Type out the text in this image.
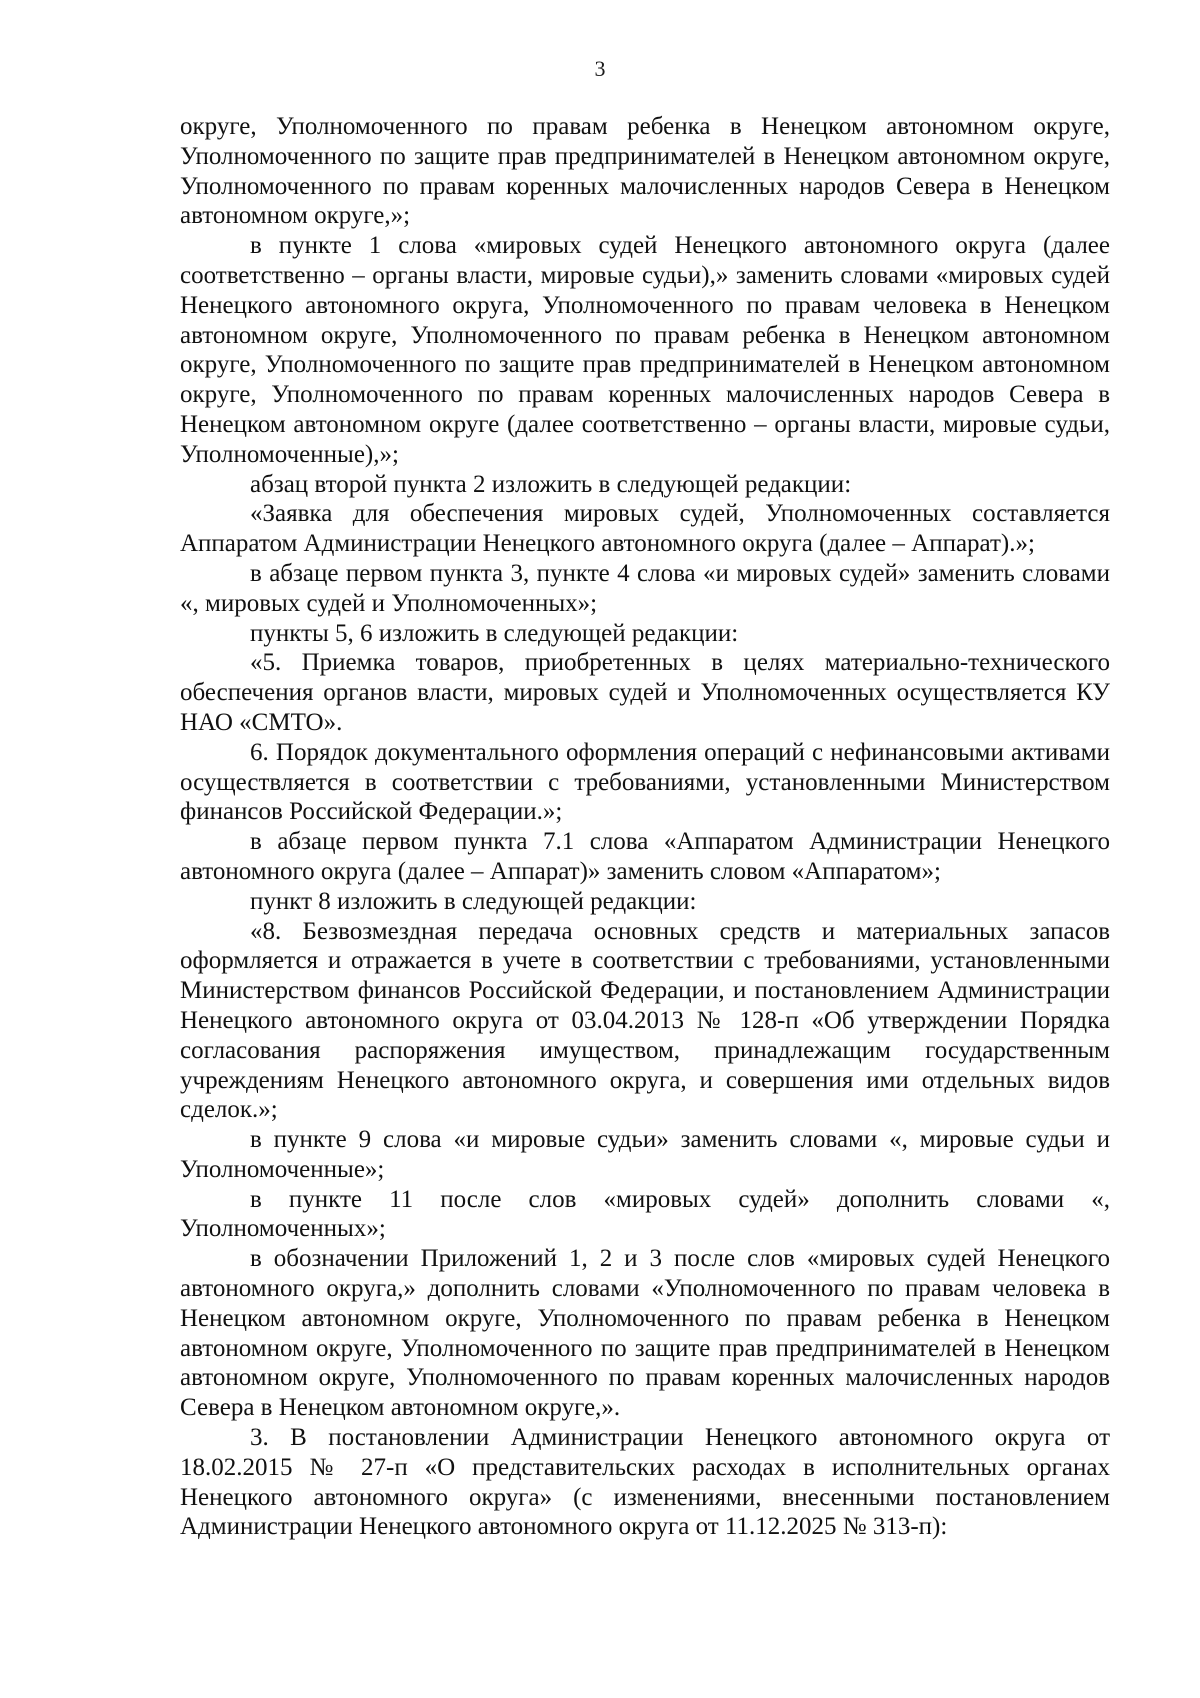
3

округе, Уполномоченного по правам ребенка в Ненецком автономном округе, Уполномоченного по защите прав предпринимателей в Ненецком автономном округе, Уполномоченного по правам коренных малочисленных народов Севера в Ненецком автономном округе,»;

в пункте 1 слова «мировых судей Ненецкого автономного округа (далее соответственно – органы власти, мировые судьи),» заменить словами «мировых судей Ненецкого автономного округа, Уполномоченного по правам человека в Ненецком автономном округе, Уполномоченного по правам ребенка в Ненецком автономном округе, Уполномоченного по защите прав предпринимателей в Ненецком автономном округе, Уполномоченного по правам коренных малочисленных народов Севера в Ненецком автономном округе (далее соответственно – органы власти, мировые судьи, Уполномоченные),»;

абзац второй пункта 2 изложить в следующей редакции:

«Заявка для обеспечения мировых судей, Уполномоченных составляется Аппаратом Администрации Ненецкого автономного округа (далее – Аппарат).»;

в абзаце первом пункта 3, пункте 4 слова «и мировых судей» заменить словами «, мировых судей и Уполномоченных»;

пункты 5, 6 изложить в следующей редакции:

«5. Приемка товаров, приобретенных в целях материально-технического обеспечения органов власти, мировых судей и Уполномоченных осуществляется КУ НАО «СМТО».

6. Порядок документального оформления операций с нефинансовыми активами осуществляется в соответствии с требованиями, установленными Министерством финансов Российской Федерации.»;

в абзаце первом пункта 7.1 слова «Аппаратом Администрации Ненецкого автономного округа (далее – Аппарат)» заменить словом «Аппаратом»;

пункт 8 изложить в следующей редакции:

«8. Безвозмездная передача основных средств и материальных запасов оформляется и отражается в учете в соответствии с требованиями, установленными Министерством финансов Российской Федерации, и постановлением Администрации Ненецкого автономного округа от 03.04.2013 № 128-п «Об утверждении Порядка согласования распоряжения имуществом, принадлежащим государственным учреждениям Ненецкого автономного округа, и совершения ими отдельных видов сделок.»;

в пункте 9 слова «и мировые судьи» заменить словами «, мировые судьи и Уполномоченные»;

в пункте 11 после слов «мировых судей» дополнить словами «, Уполномоченных»;

в обозначении Приложений 1, 2 и 3 после слов «мировых судей Ненецкого автономного округа,» дополнить словами «Уполномоченного по правам человека в Ненецком автономном округе, Уполномоченного по правам ребенка в Ненецком автономном округе, Уполномоченного по защите прав предпринимателей в Ненецком автономном округе, Уполномоченного по правам коренных малочисленных народов Севера в Ненецком автономном округе,».

3. В постановлении Администрации Ненецкого автономного округа от 18.02.2015 № 27-п «О представительских расходах в исполнительных органах Ненецкого автономного округа» (с изменениями, внесенными постановлением Администрации Ненецкого автономного округа от 11.12.2025 № 313-п):
